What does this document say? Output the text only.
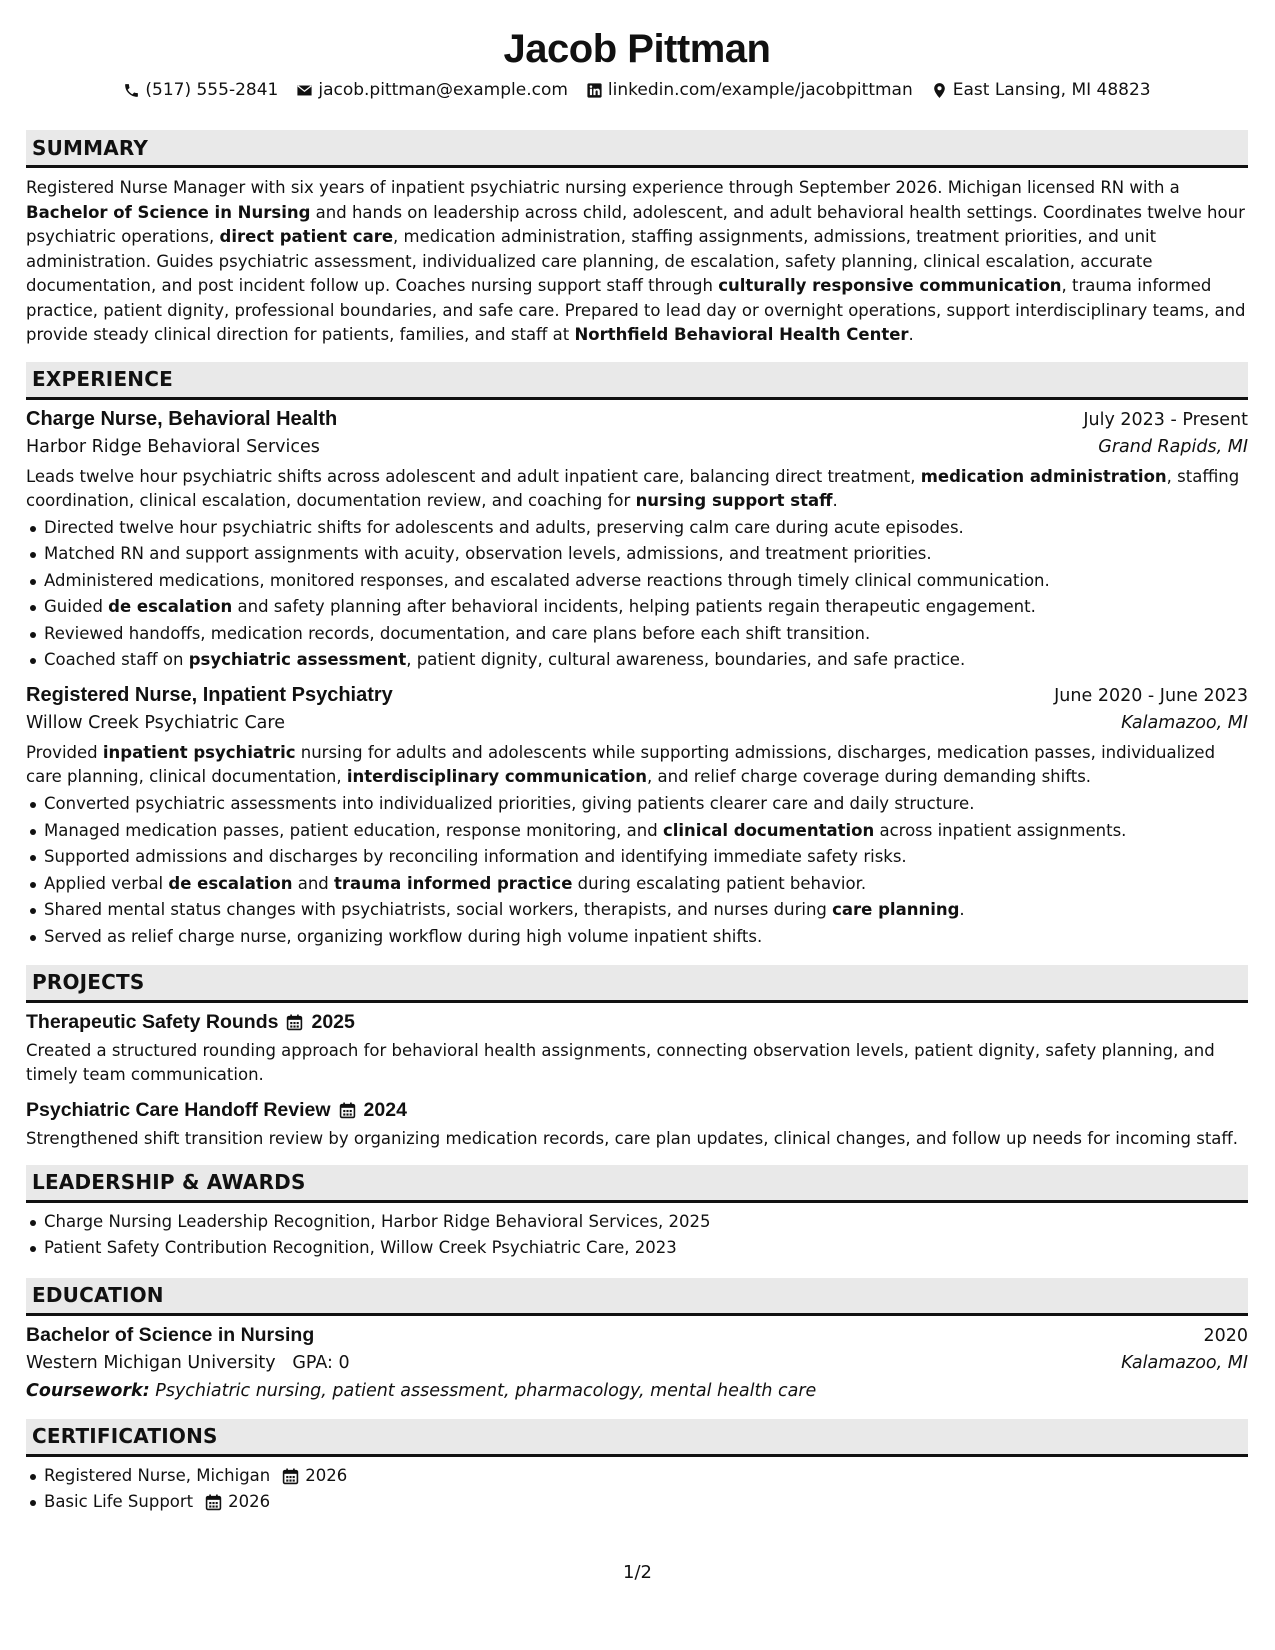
Jacob Pittman
(517) 555-2841 jacob.pittman@example.com linkedin.com/example/jacobpittman East Lansing, MI 48823
SUMMARY

Registered Nurse Manager with six years of inpatient psychiatric nursing experience through September 2026. Michigan licensed RN with a Bachelor of Science in Nursing and hands on leadership across child, adolescent, and adult behavioral health settings. Coordinates twelve hour psychiatric operations, direct patient care, medication administration, staffing assignments, admissions, treatment priorities, and unit administration. Guides psychiatric assessment, individualized care planning, de escalation, safety planning, clinical escalation, accurate documentation, and post incident follow up. Coaches nursing support staff through culturally responsive communication, trauma informed practice, patient dignity, professional boundaries, and safe care. Prepared to lead day or overnight operations, support interdisciplinary teams, and provide steady clinical direction for patients, families, and staff at Northfield Behavioral Health Center.

EXPERIENCE
Charge Nurse, Behavioral Health	July 2023 - Present
Harbor Ridge Behavioral Services	Grand Rapids, MI

Leads twelve hour psychiatric shifts across adolescent and adult inpatient care, balancing direct treatment, medication administration, staffing coordination, clinical escalation, documentation review, and coaching for nursing support staff.

Directed twelve hour psychiatric shifts for adolescents and adults, preserving calm care during acute episodes.
Matched RN and support assignments with acuity, observation levels, admissions, and treatment priorities.
Administered medications, monitored responses, and escalated adverse reactions through timely clinical communication.
Guided de escalation and safety planning after behavioral incidents, helping patients regain therapeutic engagement.
Reviewed handoffs, medication records, documentation, and care plans before each shift transition.
Coached staff on psychiatric assessment, patient dignity, cultural awareness, boundaries, and safe practice.
Registered Nurse, Inpatient Psychiatry	June 2020 - June 2023
Willow Creek Psychiatric Care	Kalamazoo, MI

Provided inpatient psychiatric nursing for adults and adolescents while supporting admissions, discharges, medication passes, individualized care planning, clinical documentation, interdisciplinary communication, and relief charge coverage during demanding shifts.

Converted psychiatric assessments into individualized priorities, giving patients clearer care and daily structure.
Managed medication passes, patient education, response monitoring, and clinical documentation across inpatient assignments.
Supported admissions and discharges by reconciling information and identifying immediate safety risks.
Applied verbal de escalation and trauma informed practice during escalating patient behavior.
Shared mental status changes with psychiatrists, social workers, therapists, and nurses during care planning.
Served as relief charge nurse, organizing workflow during high volume inpatient shifts.
PROJECTS
Therapeutic Safety Rounds 2025

Created a structured rounding approach for behavioral health assignments, connecting observation levels, patient dignity, safety planning, and timely team communication.

Psychiatric Care Handoff Review 2024

Strengthened shift transition review by organizing medication records, care plan updates, clinical changes, and follow up needs for incoming staff.

LEADERSHIP & AWARDS
Charge Nursing Leadership Recognition, Harbor Ridge Behavioral Services, 2025
Patient Safety Contribution Recognition, Willow Creek Psychiatric Care, 2023
EDUCATION
Bachelor of Science in Nursing	2020
Western Michigan University GPA: 0	Kalamazoo, MI

Coursework: Psychiatric nursing, patient assessment, pharmacology, mental health care

CERTIFICATIONS
Registered Nurse, Michigan 2026
Basic Life Support 2026
1/2
